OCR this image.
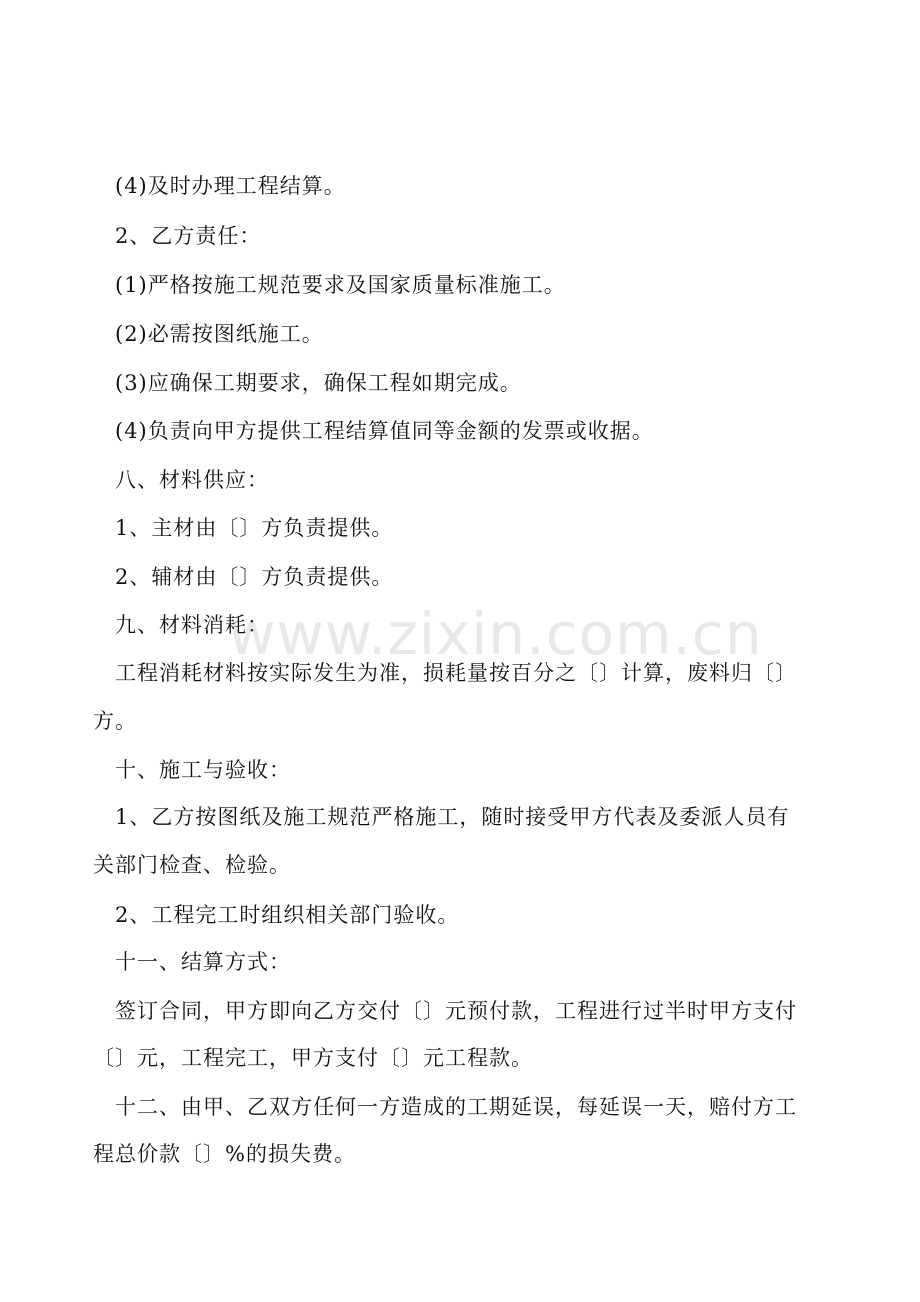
(4)及时办理工程结算。
2、乙方责任：
(1)严格按施工规范要求及国家质量标准施工。
(2)必需按图纸施工。
(3)应确保工期要求，确保工程如期完成。
(4)负责向甲方提供工程结算值同等金额的发票或收据。
八、材料供应：
1、主材由〔〕方负责提供。
2、辅材由〔〕方负责提供。
九、材料消耗：
工程消耗材料按实际发生为准，损耗量按百分之〔〕计算，废料归〔〕
方。
十、施工与验收：
1、乙方按图纸及施工规范严格施工，随时接受甲方代表及委派人员有
关部门检查、检验。
2、工程完工时组织相关部门验收。
十一、结算方式：
签订合同，甲方即向乙方交付〔〕元预付款，工程进行过半时甲方支付
〔〕元，工程完工，甲方支付〔〕元工程款。
十二、由甲、乙双方任何一方造成的工期延误，每延误一天，赔付方工
程总价款〔〕%的损失费。
www.zixin.com.cn
